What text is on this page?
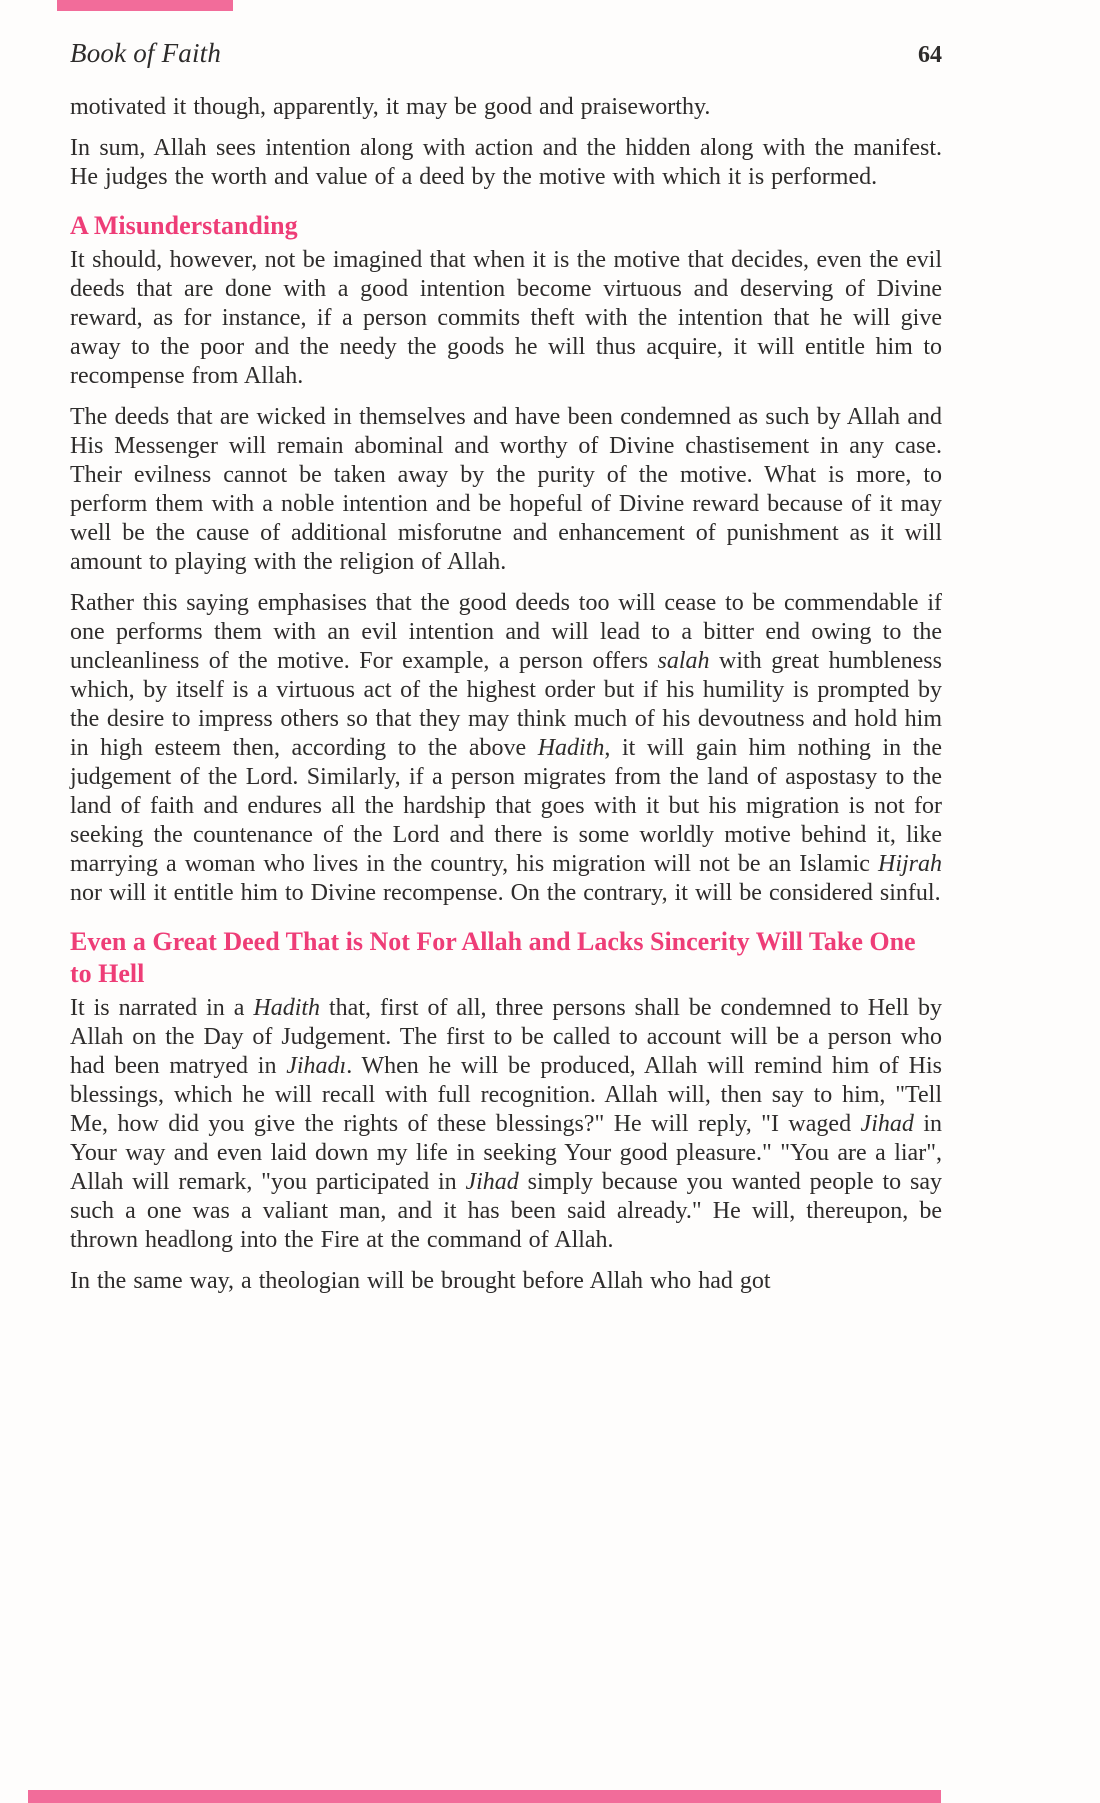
Book of Faith	64

motivated it though, apparently, it may be good and praiseworthy.

In sum, Allah sees intention along with action and the hidden along with the manifest. He judges the worth and value of a deed by the motive with which it is performed.

A Misunderstanding

It should, however, not be imagined that when it is the motive that decides, even the evil deeds that are done with a good intention become virtuous and deserving of Divine reward, as for instance, if a person commits theft with the intention that he will give away to the poor and the needy the goods he will thus acquire, it will entitle him to recompense from Allah.

The deeds that are wicked in themselves and have been condemned as such by Allah and His Messenger will remain abominal and worthy of Divine chastisement in any case. Their evilness cannot be taken away by the purity of the motive. What is more, to perform them with a noble intention and be hopeful of Divine reward because of it may well be the cause of additional misforutne and enhancement of punishment as it will amount to playing with the religion of Allah.

Rather this saying emphasises that the good deeds too will cease to be commendable if one performs them with an evil intention and will lead to a bitter end owing to the uncleanliness of the motive. For example, a person offers salah with great humbleness which, by itself is a virtuous act of the highest order but if his humility is prompted by the desire to impress others so that they may think much of his devoutness and hold him in high esteem then, according to the above Hadith, it will gain him nothing in the judgement of the Lord. Similarly, if a person migrates from the land of aspostasy to the land of faith and endures all the hardship that goes with it but his migration is not for seeking the countenance of the Lord and there is some worldly motive behind it, like marrying a woman who lives in the country, his migration will not be an Islamic Hijrah nor will it entitle him to Divine recompense. On the contrary, it will be considered sinful.

Even a Great Deed That is Not For Allah and Lacks Sincerity Will Take One to Hell

It is narrated in a Hadith that, first of all, three persons shall be condemned to Hell by Allah on the Day of Judgement. The first to be called to account will be a person who had been matryed in Jihadı. When he will be produced, Allah will remind him of His blessings, which he will recall with full recognition. Allah will, then say to him, "Tell Me, how did you give the rights of these blessings?" He will reply, "I waged Jihad in Your way and even laid down my life in seeking Your good pleasure." "You are a liar", Allah will remark, "you participated in Jihad simply because you wanted people to say such a one was a valiant man, and it has been said already." He will, thereupon, be thrown headlong into the Fire at the command of Allah.

In the same way, a theologian will be brought before Allah who had got
